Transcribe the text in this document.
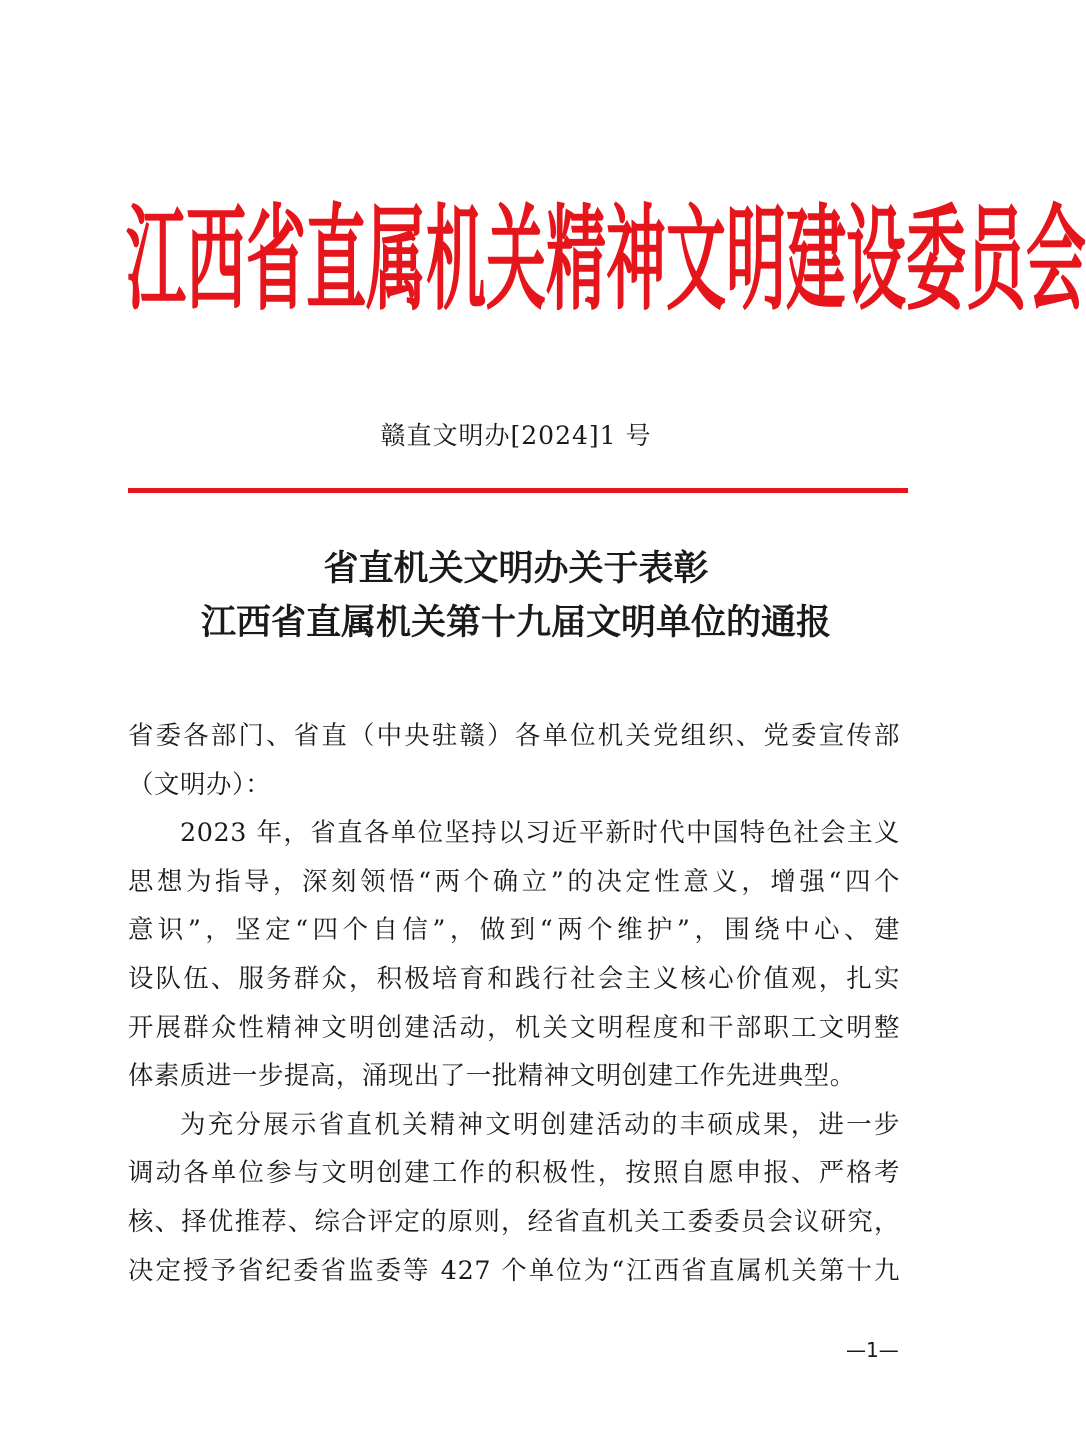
江 西 省 直 属 机 关 精 神 文 明 建 设 委 员 会
赣直文明办[2024]1 号
省直机关文明办关于表彰
江西省直属机关第十九届文明单位的通报
省委各部门、省直（中央驻赣）各单位机关党组织、党委宣传部
（文明办）：
2023 年，省直各单位坚持以习近平新时代中国特色社会主义
思想为指导，深刻领悟“两个确立”的决定性意义，增强“四个
意识”，坚定“四个自信”，做到“两个维护”，围绕中心、建
设队伍、服务群众，积极培育和践行社会主义核心价值观，扎实
开展群众性精神文明创建活动，机关文明程度和干部职工文明整
体素质进一步提高，涌现出了一批精神文明创建工作先进典型。
为充分展示省直机关精神文明创建活动的丰硕成果，进一步
调动各单位参与文明创建工作的积极性，按照自愿申报、严格考
核、择优推荐、综合评定的原则，经省直机关工委委员会议研究，
决定授予省纪委省监委等 427 个单位为“江西省直属机关第十九
—1—
